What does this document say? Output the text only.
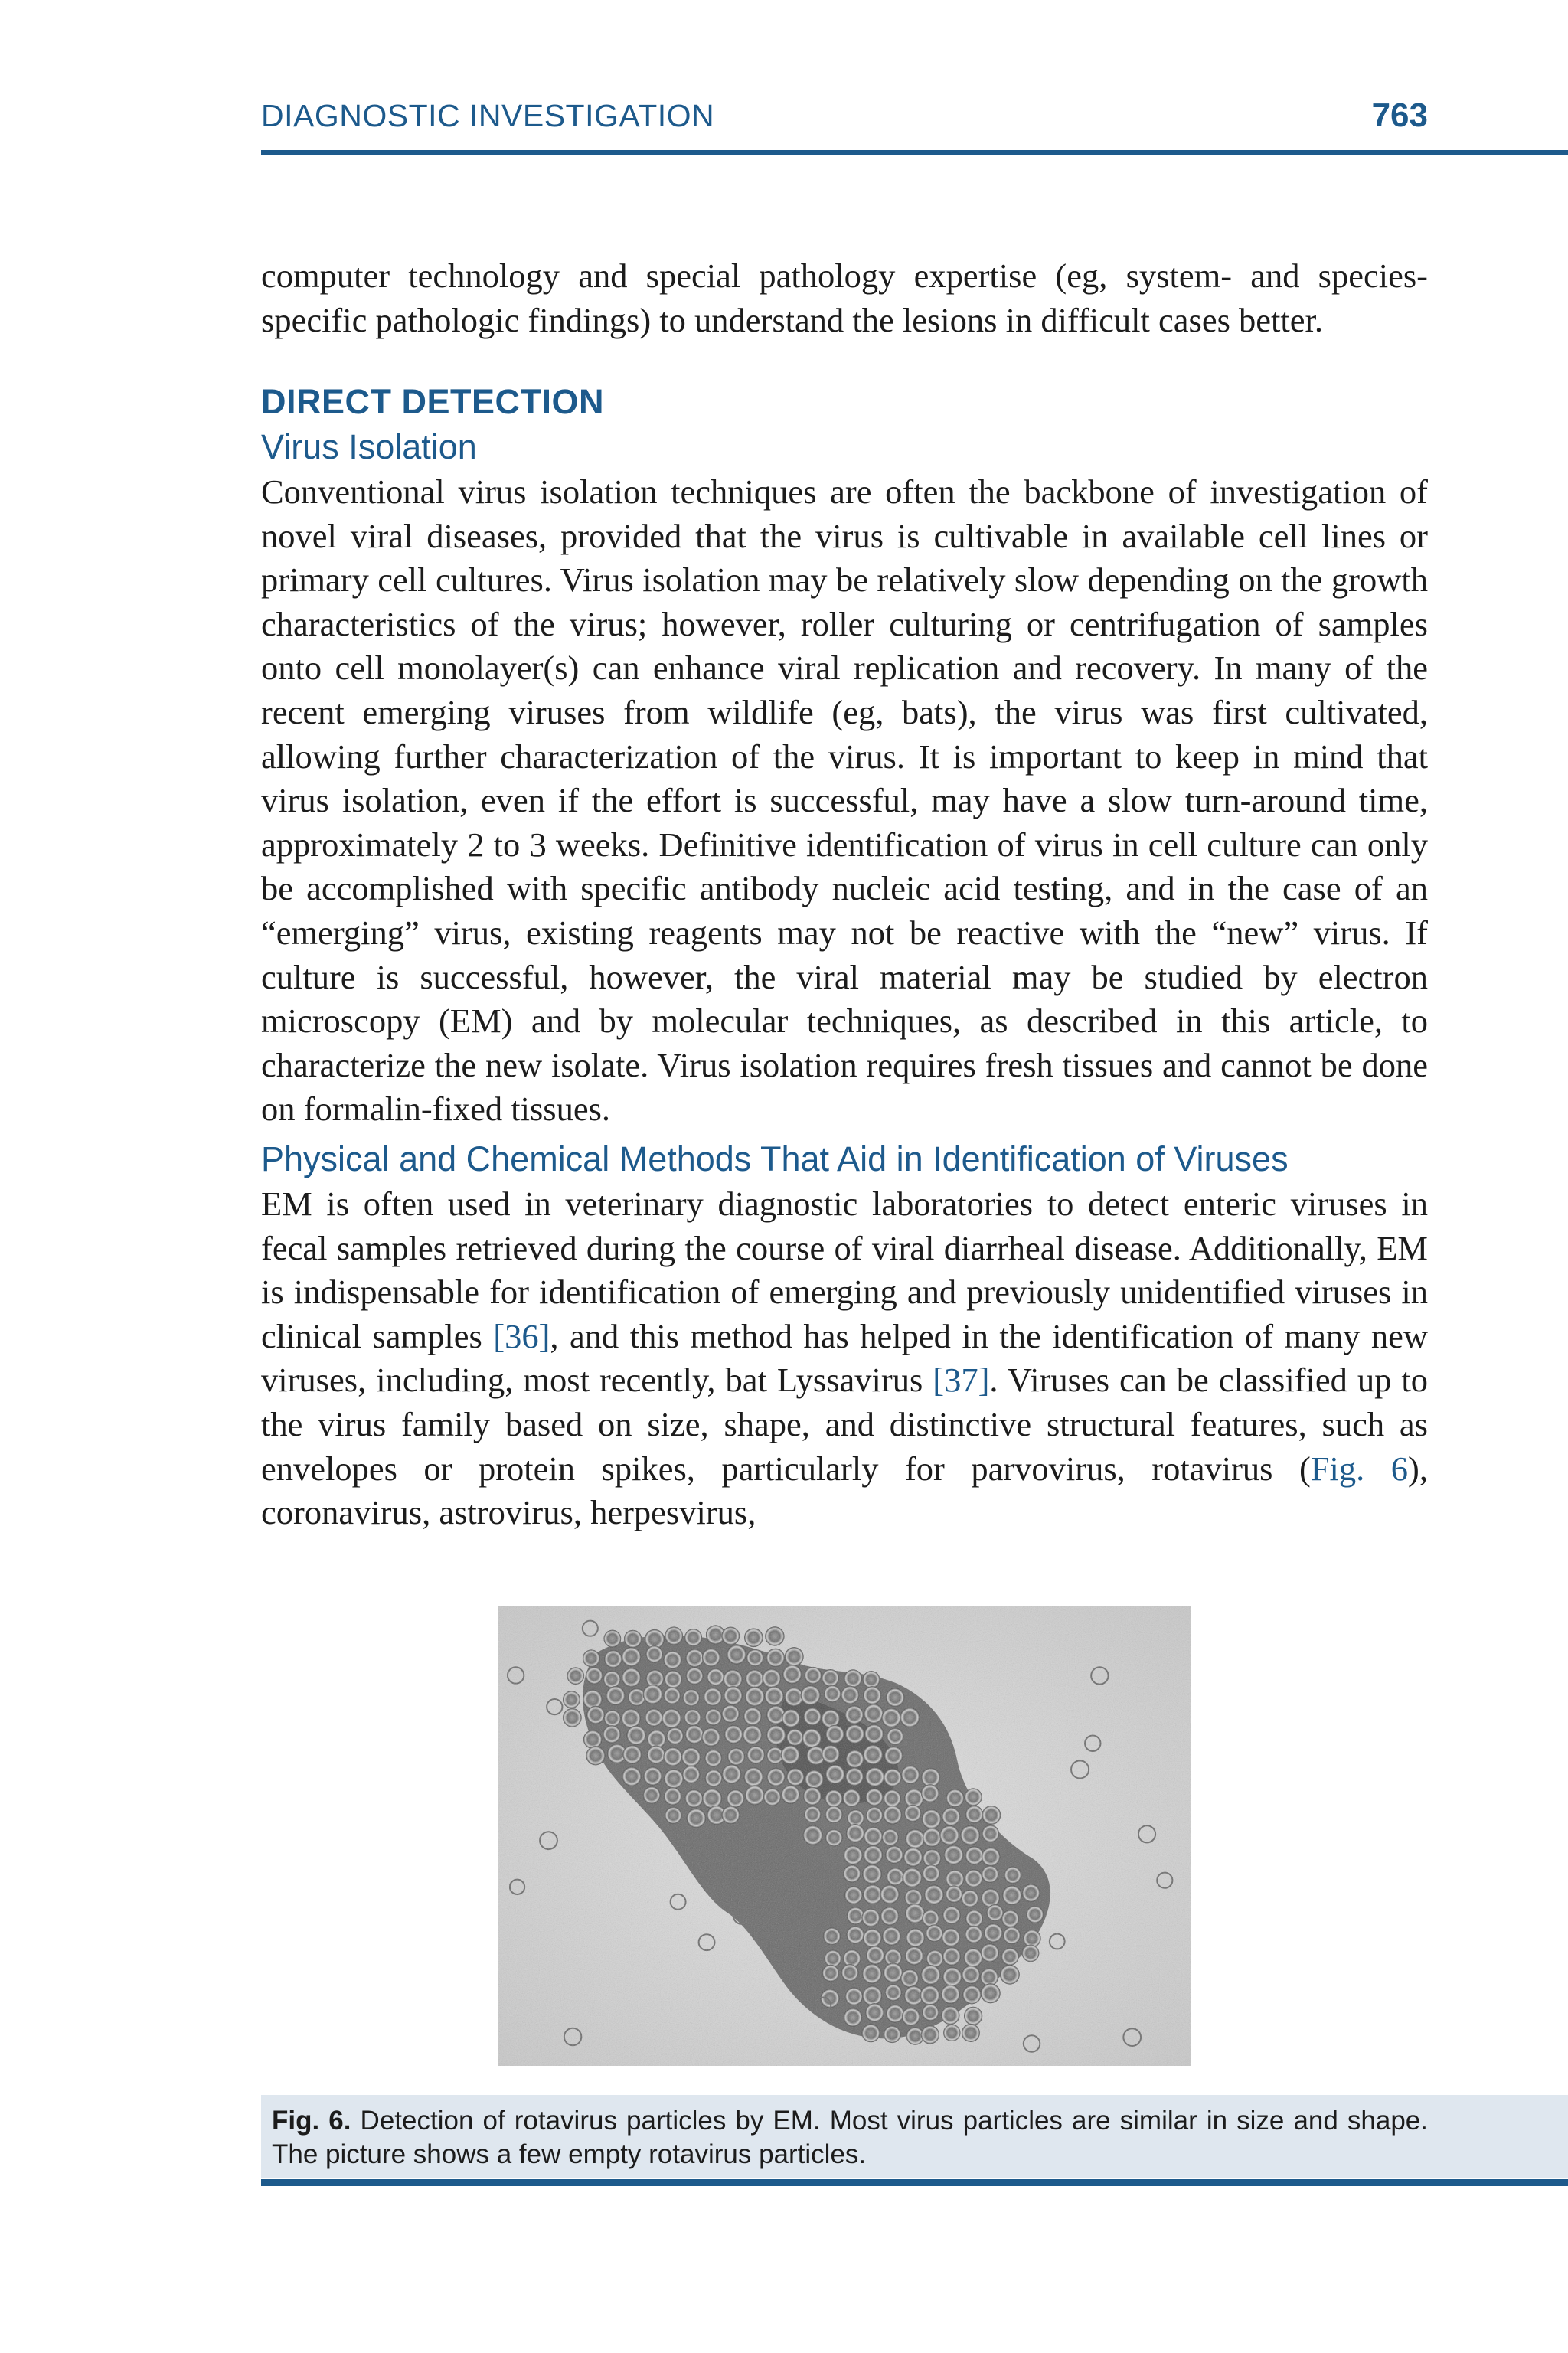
DIAGNOSTIC INVESTIGATION	763

computer technology and special pathology expertise (eg, system- and species-specific pathologic findings) to understand the lesions in difficult cases better.

DIRECT DETECTION
Virus Isolation

Conventional virus isolation techniques are often the backbone of investigation of novel viral diseases, provided that the virus is cultivable in available cell lines or primary cell cultures. Virus isolation may be relatively slow depending on the growth characteristics of the virus; however, roller culturing or centrifugation of samples onto cell monolayer(s) can enhance viral replication and recovery. In many of the recent emerging viruses from wildlife (eg, bats), the virus was first cultivated, allowing further characterization of the virus. It is important to keep in mind that virus isolation, even if the effort is successful, may have a slow turn-around time, approximately 2 to 3 weeks. Definitive identification of virus in cell culture can only be accomplished with specific antibody nucleic acid testing, and in the case of an “emerging” virus, existing reagents may not be reactive with the “new” virus. If culture is successful, however, the viral material may be studied by electron microscopy (EM) and by molecular techniques, as described in this article, to characterize the new isolate. Virus isolation requires fresh tissues and cannot be done on formalin-fixed tissues.

Physical and Chemical Methods That Aid in Identification of Viruses

EM is often used in veterinary diagnostic laboratories to detect enteric viruses in fecal samples retrieved during the course of viral diarrheal disease. Additionally, EM is indispensable for identification of emerging and previously unidentified viruses in clinical samples [36], and this method has helped in the identification of many new viruses, including, most recently, bat Lyssavirus [37]. Viruses can be classified up to the virus family based on size, shape, and distinctive structural features, such as envelopes or protein spikes, particularly for parvovirus, rotavirus (Fig. 6), coronavirus, astrovirus, herpesvirus,

Fig. 6. Detection of rotavirus particles by EM. Most virus particles are similar in size and shape. The picture shows a few empty rotavirus particles.
